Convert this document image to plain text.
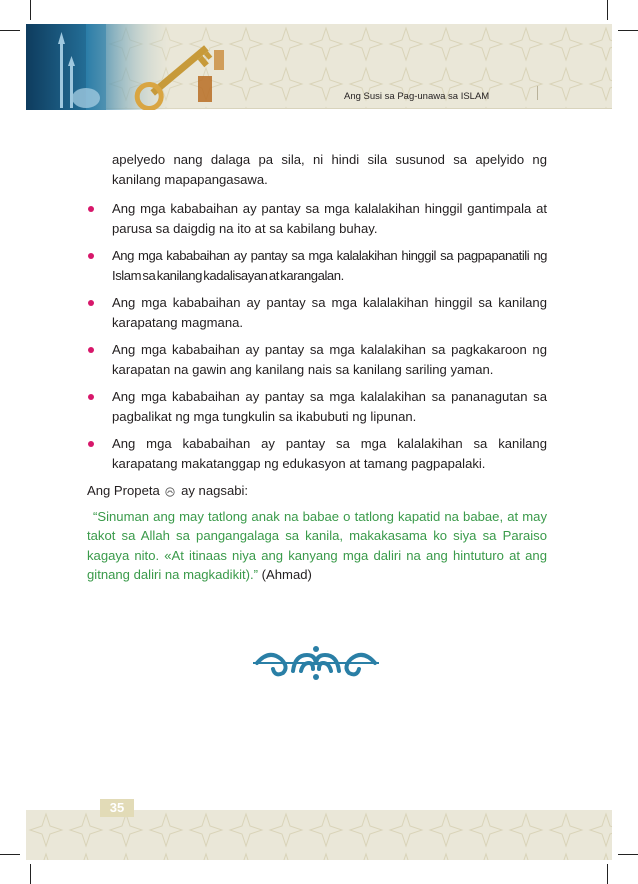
Ang Susi sa Pag-unawa sa ISLAM

apelyedo nang dalaga pa sila, ni hindi sila susunod sa apelyido ng kanilang mapapangasawa.

Ang mga kababaihan ay pantay sa mga kalalakihan hinggil gantimpala at parusa sa daigdig na ito at sa kabilang buhay.
Ang mga kababaihan ay pantay sa mga kalalakihan hinggil sa pagpapanatili ng Islam sa kanilang kadalisayan at karangalan.
Ang mga kababaihan ay pantay sa mga kalalakihan hinggil sa kanilang karapatang magmana.
Ang mga kababaihan ay pantay sa mga kalalakihan sa pagkakaroon ng karapatan na gawin ang kanilang nais sa kanilang sariling yaman.
Ang mga kababaihan ay pantay sa mga kalalakihan sa pananagutan sa pagbalikat ng mga tungkulin sa ikabubuti ng lipunan.
Ang mga kababaihan ay pantay sa mga kalalakihan sa kanilang karapatang makatanggap ng edukasyon at tamang pagpapalaki.
Ang Propeta ay nagsabi:

“Sinuman ang may tatlong anak na babae o tatlong kapatid na babae, at may takot sa Allah sa pangangalaga sa kanila, makakasama ko siya sa Paraiso kagaya nito. «At itinaas niya ang kanyang mga daliri na ang hintuturo at ang gitnang daliri na magkadikit).” (Ahmad)

35
